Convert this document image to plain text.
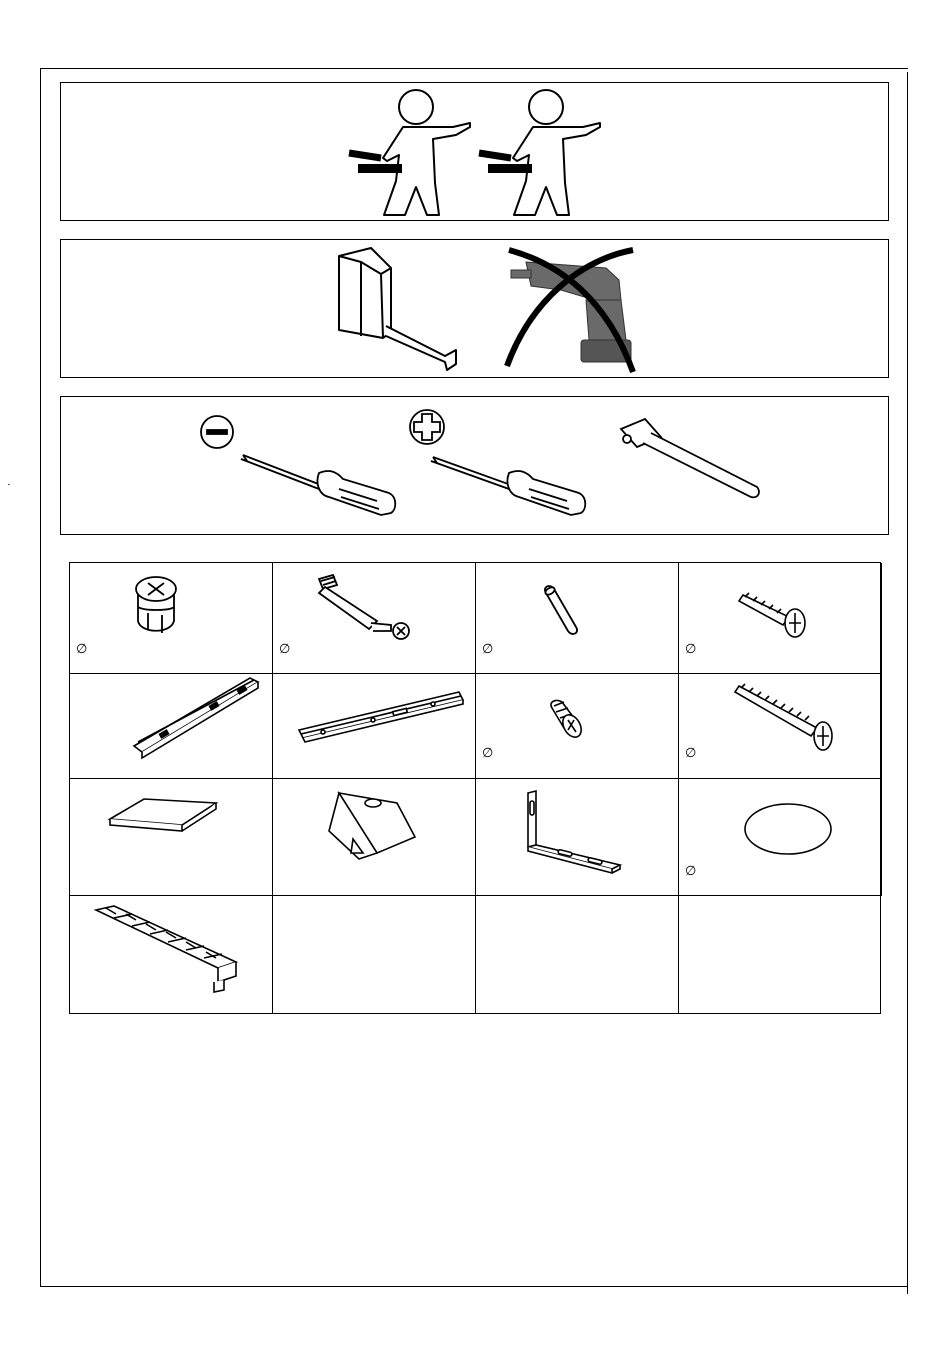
∅	∅	∅	∅
∅	∅
∅
